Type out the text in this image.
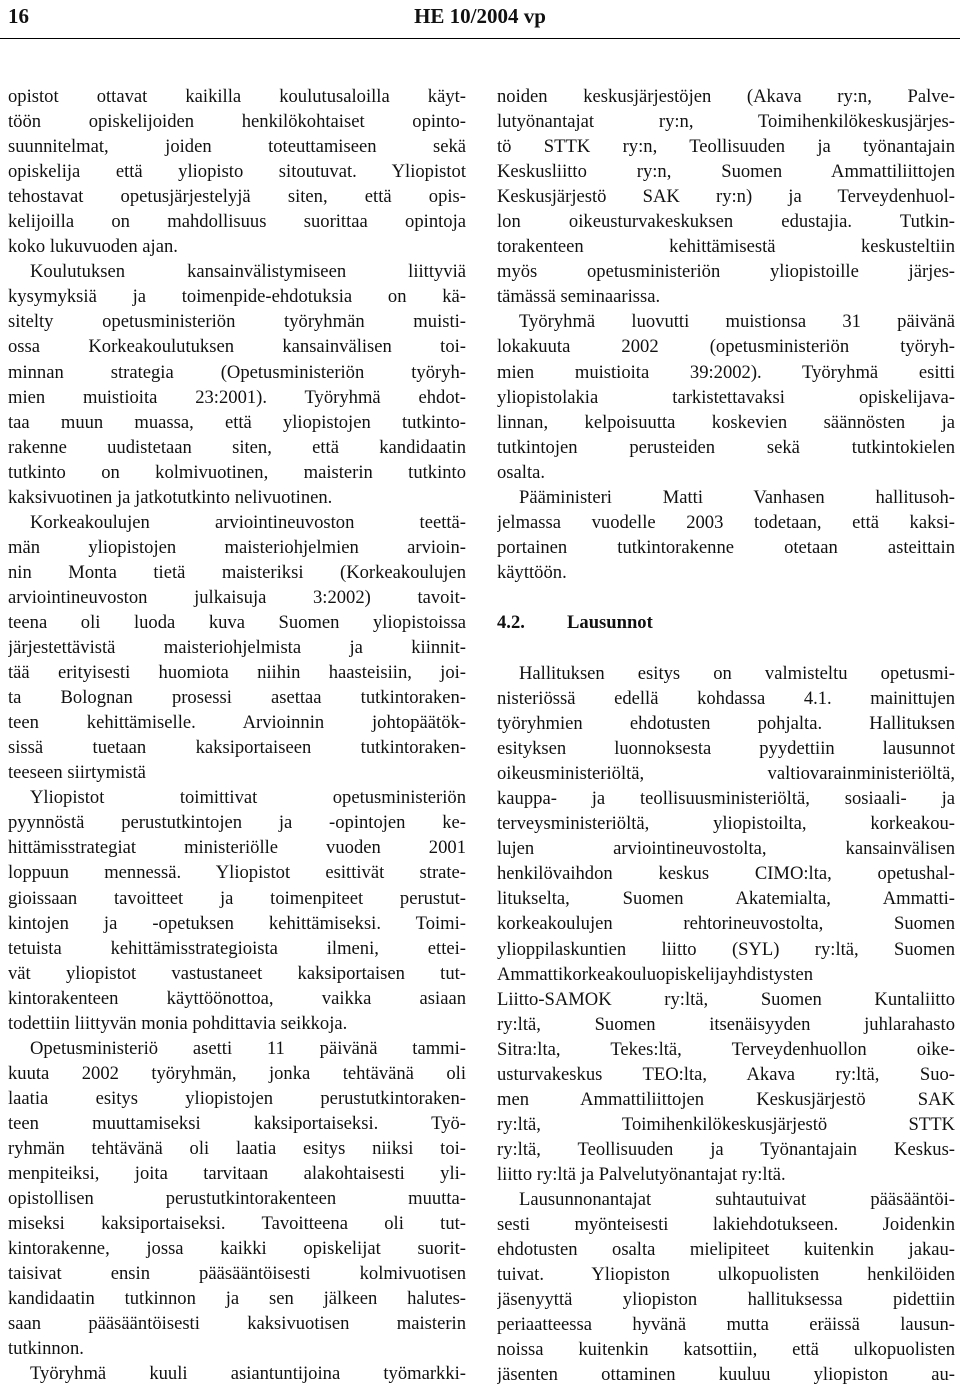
16	HE 10/2004 vp
opistot ottavat kaikilla koulutusaloilla käyt-
töön opiskelijoiden henkilökohtaiset opinto-
suunnitelmat, joiden toteuttamiseen sekä
opiskelija että yliopisto sitoutuvat. Yliopistot
tehostavat opetusjärjestelyjä siten, että opis-
kelijoilla on mahdollisuus suorittaa opintoja
koko lukuvuoden ajan.
Koulutuksen kansainvälistymiseen liittyviä
kysymyksiä ja toimenpide-ehdotuksia on kä-
sitelty opetusministeriön työryhmän muisti-
ossa Korkeakoulutuksen kansainvälisen toi-
minnan strategia (Opetusministeriön työryh-
mien muistioita 23:2001). Työryhmä ehdot-
taa muun muassa, että yliopistojen tutkinto-
rakenne uudistetaan siten, että kandidaatin
tutkinto on kolmivuotinen, maisterin tutkinto
kaksivuotinen ja jatkotutkinto nelivuotinen.
Korkeakoulujen arviointineuvoston teettä-
män yliopistojen maisteriohjelmien arvioin-
nin Monta tietä maisteriksi (Korkeakoulujen
arviointineuvoston julkaisuja 3:2002) tavoit-
teena oli luoda kuva Suomen yliopistoissa
järjestettävistä maisteriohjelmista ja kiinnit-
tää erityisesti huomiota niihin haasteisiin, joi-
ta Bolognan prosessi asettaa tutkintoraken-
teen kehittämiselle. Arvioinnin johtopäätök-
sissä tuetaan kaksiportaiseen tutkintoraken-
teeseen siirtymistä
Yliopistot toimittivat opetusministeriön
pyynnöstä perustutkintojen ja -opintojen ke-
hittämisstrategiat ministeriölle vuoden 2001
loppuun mennessä. Yliopistot esittivät strate-
gioissaan tavoitteet ja toimenpiteet perustut-
kintojen ja -opetuksen kehittämiseksi. Toimi-
tetuista kehittämisstrategioista ilmeni, ettei-
vät yliopistot vastustaneet kaksiportaisen tut-
kintorakenteen käyttöönottoa, vaikka asiaan
todettiin liittyvän monia pohdittavia seikkoja.
Opetusministeriö asetti 11 päivänä tammi-
kuuta 2002 työryhmän, jonka tehtävänä oli
laatia esitys yliopistojen perustutkintoraken-
teen muuttamiseksi kaksiportaiseksi. Työ-
ryhmän tehtävänä oli laatia esitys niiksi toi-
menpiteiksi, joita tarvitaan alakohtaisesti yli-
opistollisen perustutkintorakenteen muutta-
miseksi kaksiportaiseksi. Tavoitteena oli tut-
kintorakenne, jossa kaikki opiskelijat suorit-
taisivat ensin pääsääntöisesti kolmivuotisen
kandidaatin tutkinnon ja sen jälkeen halutes-
saan pääsääntöisesti kaksivuotisen maisterin
tutkinnon.
Työryhmä kuuli asiantuntijoina työmarkki-
noiden keskusjärjestöjen (Akava ry:n, Palve-
lutyönantajat ry:n, Toimihenkilökeskusjärjes-
tö STTK ry:n, Teollisuuden ja työnantajain
Keskusliitto ry:n, Suomen Ammattiliittojen
Keskusjärjestö SAK ry:n) ja Terveydenhuol-
lon oikeusturvakeskuksen edustajia. Tutkin-
torakenteen kehittämisestä keskusteltiin
myös opetusministeriön yliopistoille järjes-
tämässä seminaarissa.
Työryhmä luovutti muistionsa 31 päivänä
lokakuuta 2002 (opetusministeriön työryh-
mien muistioita 39:2002). Työryhmä esitti
yliopistolakia tarkistettavaksi opiskelijava-
linnan, kelpoisuutta koskevien säännösten ja
tutkintojen perusteiden sekä tutkintokielen
osalta.
Pääministeri Matti Vanhasen hallitusoh-
jelmassa vuodelle 2003 todetaan, että kaksi-
portainen tutkintorakenne otetaan asteittain
käyttöön.
4.2. Lausunnot
Hallituksen esitys on valmisteltu opetusmi-
nisteriössä edellä kohdassa 4.1. mainittujen
työryhmien ehdotusten pohjalta. Hallituksen
esityksen luonnoksesta pyydettiin lausunnot
oikeusministeriöltä, valtiovarainministeriöltä,
kauppa- ja teollisuusministeriöltä, sosiaali- ja
terveysministeriöltä, yliopistoilta, korkeakou-
lujen arviointineuvostolta, kansainvälisen
henkilövaihdon keskus CIMO:lta, opetushal-
litukselta, Suomen Akatemialta, Ammatti-
korkeakoulujen rehtorineuvostolta, Suomen
ylioppilaskuntien liitto (SYL) ry:ltä, Suomen
Ammattikorkeakouluopiskelijayhdistysten
Liitto-SAMOK ry:ltä, Suomen Kuntaliitto
ry:ltä, Suomen itsenäisyyden juhlarahasto
Sitra:lta, Tekes:ltä, Terveydenhuollon oike-
usturvakeskus TEO:lta, Akava ry:ltä, Suo-
men Ammattiliittojen Keskusjärjestö SAK
ry:ltä, Toimihenkilökeskusjärjestö STTK
ry:ltä, Teollisuuden ja Työnantajain Keskus-
liitto ry:ltä ja Palvelutyönantajat ry:ltä.
Lausunnonantajat suhtautuivat pääsääntöi-
sesti myönteisesti lakiehdotukseen. Joidenkin
ehdotusten osalta mielipiteet kuitenkin jakau-
tuivat. Yliopiston ulkopuolisten henkilöiden
jäsenyyttä yliopiston hallituksessa pidettiin
periaatteessa hyvänä mutta eräissä lausun-
noissa kuitenkin katsottiin, että ulkopuolisten
jäsenten ottaminen kuuluu yliopiston au-
